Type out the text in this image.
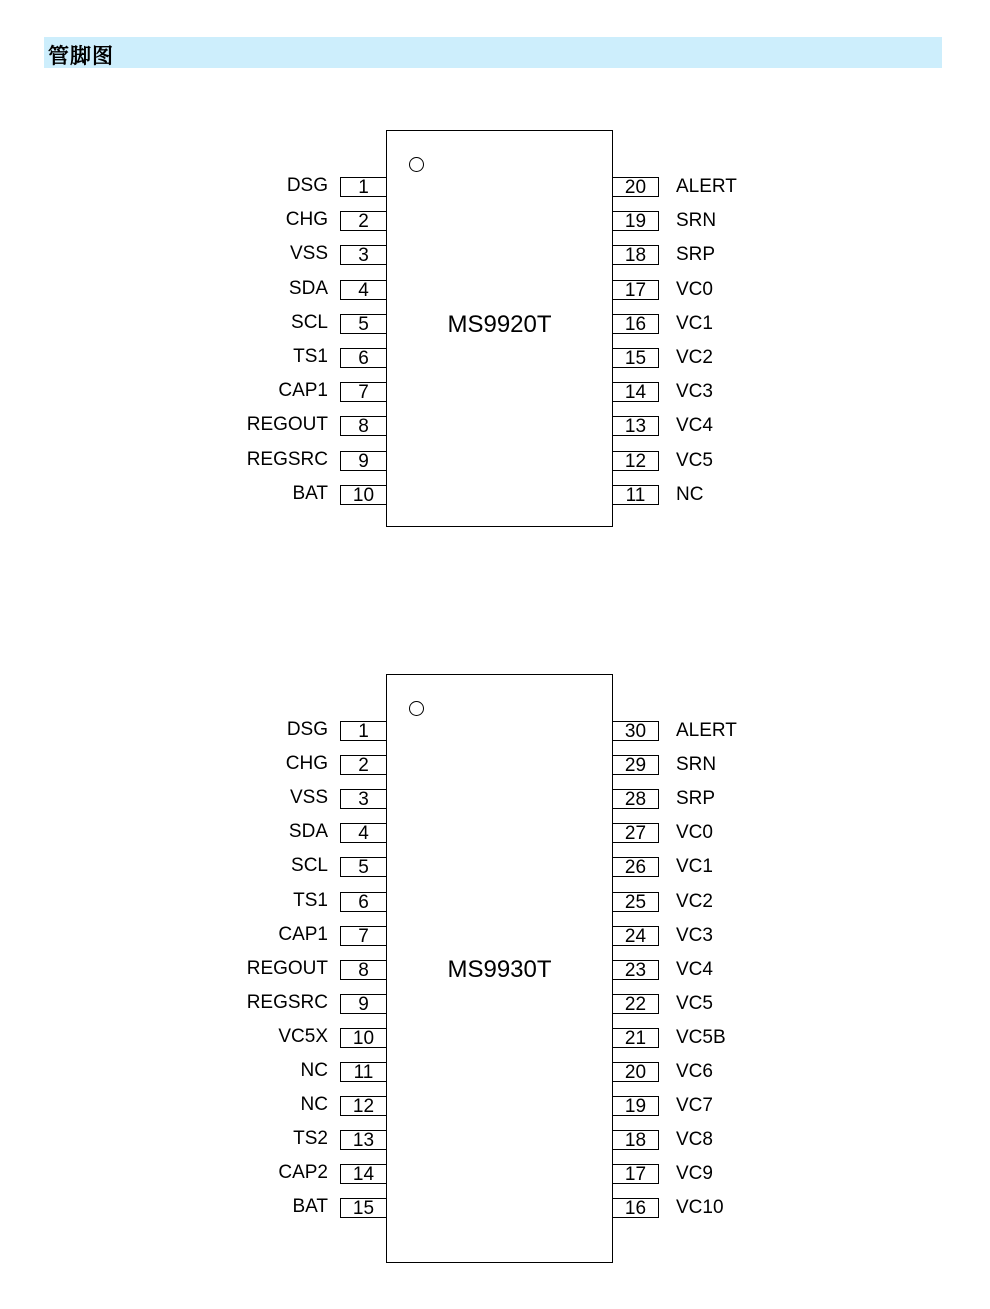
管脚图
MS9920T
1
DSG
2
CHG
3
VSS
4
SDA
5
SCL
6
TS1
7
CAP1
8
REGOUT
9
REGSRC
10
BAT
20	ALERT
19	SRN
18	SRP
17	VC0
16	VC1
15	VC2
14	VC3
13	VC4
12	VC5
11	NC
MS9930T
1
DSG
2
CHG
3
VSS
4
SDA
5
SCL
6
TS1
7
CAP1
8
REGOUT
9
REGSRC
10
VC5X
11
NC
12
NC
13
TS2
14
CAP2
15
BAT
30	ALERT
29	SRN
28	SRP
27	VC0
26	VC1
25	VC2
24	VC3
23	VC4
22	VC5
21	VC5B
20	VC6
19	VC7
18	VC8
17	VC9
16	VC10
